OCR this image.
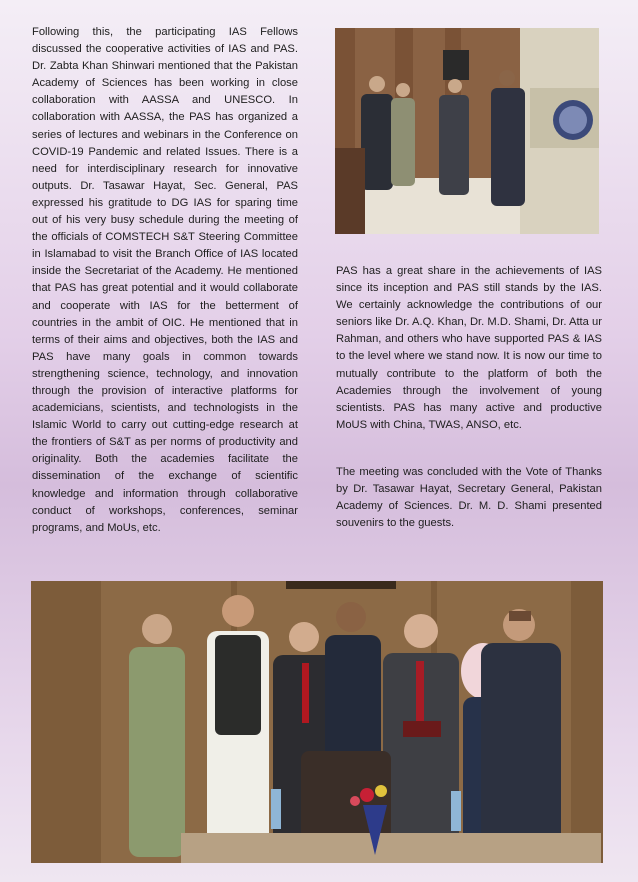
Following this, the participating IAS Fellows discussed the cooperative activities of IAS and PAS. Dr. Zabta Khan Shinwari mentioned that the Pakistan Academy of Sciences has been working in close collaboration with AASSA and UNESCO. In collaboration with AASSA, the PAS has organized a series of lectures and webinars in the Conference on COVID-19 Pandemic and related Issues. There is a need for interdisciplinary research for innovative outputs. Dr. Tasawar Hayat, Sec. General, PAS expressed his gratitude to DG IAS for sparing time out of his very busy schedule during the meeting of the officials of COMSTECH S&T Steering Committee in Islamabad to visit the Branch Office of IAS located inside the Secretariat of the Academy. He mentioned that PAS has great potential and it would collaborate and cooperate with IAS for the betterment of countries in the ambit of OIC. He mentioned that in terms of their aims and objectives, both the IAS and PAS have many goals in common towards strengthening science, technology, and innovation through the provision of interactive platforms for academicians, scientists, and technologists in the Islamic World to carry out cutting-edge research at the frontiers of S&T as per norms of productivity and originality. Both the academies facilitate the dissemination of the exchange of scientific knowledge and information through collaborative conduct of workshops, conferences, seminar programs, and MoUs, etc.

PAS has a great share in the achievements of IAS since its inception and PAS still stands by the IAS. We certainly acknowledge the contributions of our seniors like Dr. A.Q. Khan, Dr. M.D. Shami, Dr. Atta ur Rahman, and others who have supported PAS & IAS to the level where we stand now. It is now our time to mutually contribute to the platform of both the Academies through the involvement of young scientists. PAS has many active and productive MoUS with China, TWAS, ANSO, etc.

The meeting was concluded with the Vote of Thanks by Dr. Tasawar Hayat, Secretary General, Pakistan Academy of Sciences. Dr. M. D. Shami presented souvenirs to the guests.
